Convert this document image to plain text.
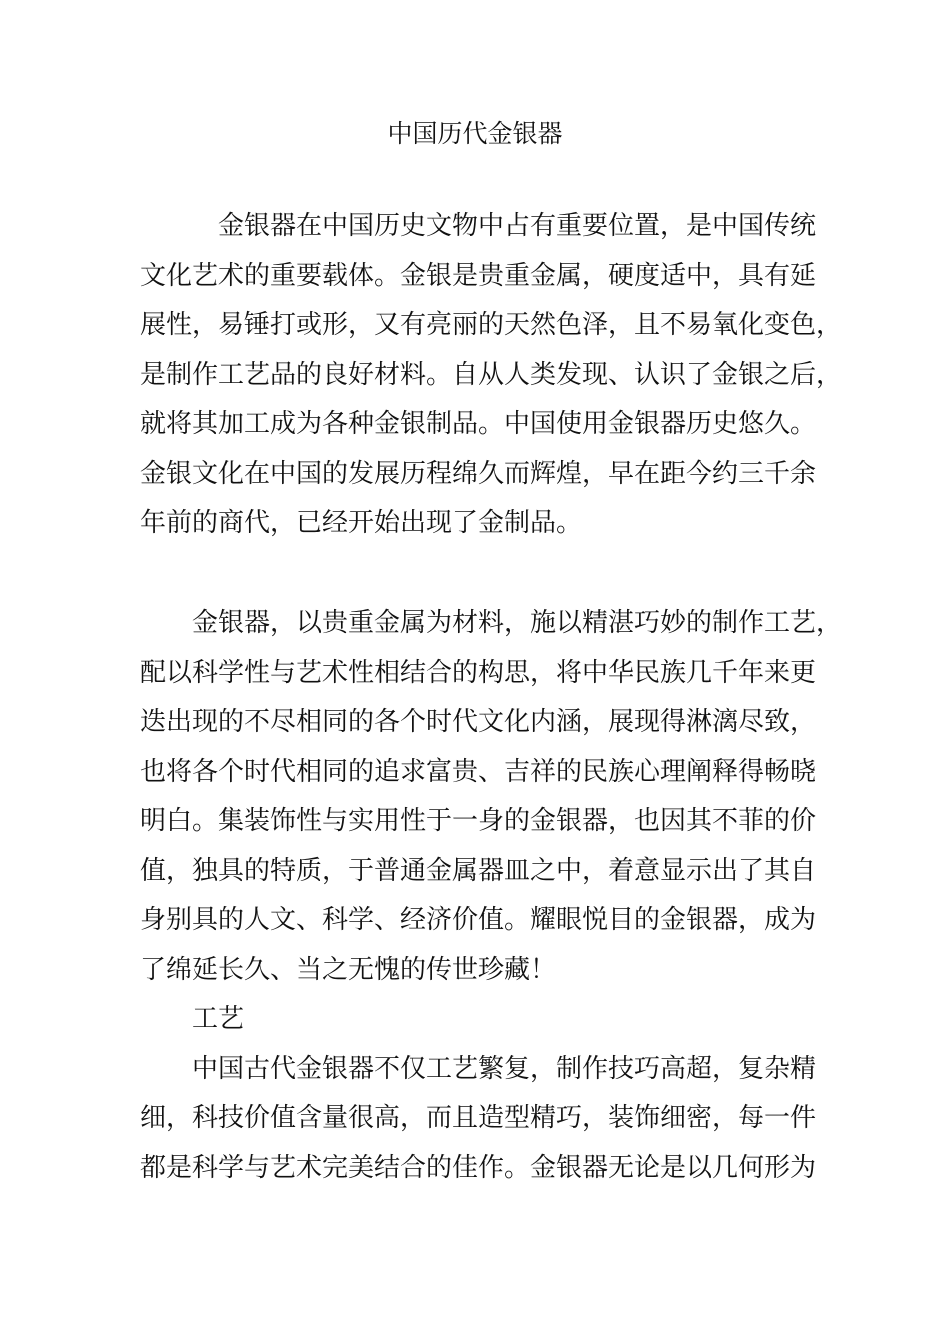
中国历代金银器
金银器在中国历史文物中占有重要位置，是中国传统
文化艺术的重要载体。金银是贵重金属，硬度适中，具有延
展性，易锤打或形，又有亮丽的天然色泽，且不易氧化变色，
是制作工艺品的良好材料。自从人类发现、认识了金银之后，
就将其加工成为各种金银制品。中国使用金银器历史悠久。
金银文化在中国的发展历程绵久而辉煌，早在距今约三千余
年前的商代，已经开始出现了金制品。
金银器，以贵重金属为材料，施以精湛巧妙的制作工艺，
配以科学性与艺术性相结合的构思，将中华民族几千年来更
迭出现的不尽相同的各个时代文化内涵，展现得淋漓尽致，
也将各个时代相同的追求富贵、吉祥的民族心理阐释得畅晓
明白。集装饰性与实用性于一身的金银器，也因其不菲的价
值，独具的特质，于普通金属器皿之中，着意显示出了其自
身别具的人文、科学、经济价值。耀眼悦目的金银器，成为
了绵延长久、当之无愧的传世珍藏！
工艺
中国古代金银器不仅工艺繁复，制作技巧高超，复杂精
细，科技价值含量很高，而且造型精巧，装饰细密，每一件
都是科学与艺术完美结合的佳作。金银器无论是以几何形为
